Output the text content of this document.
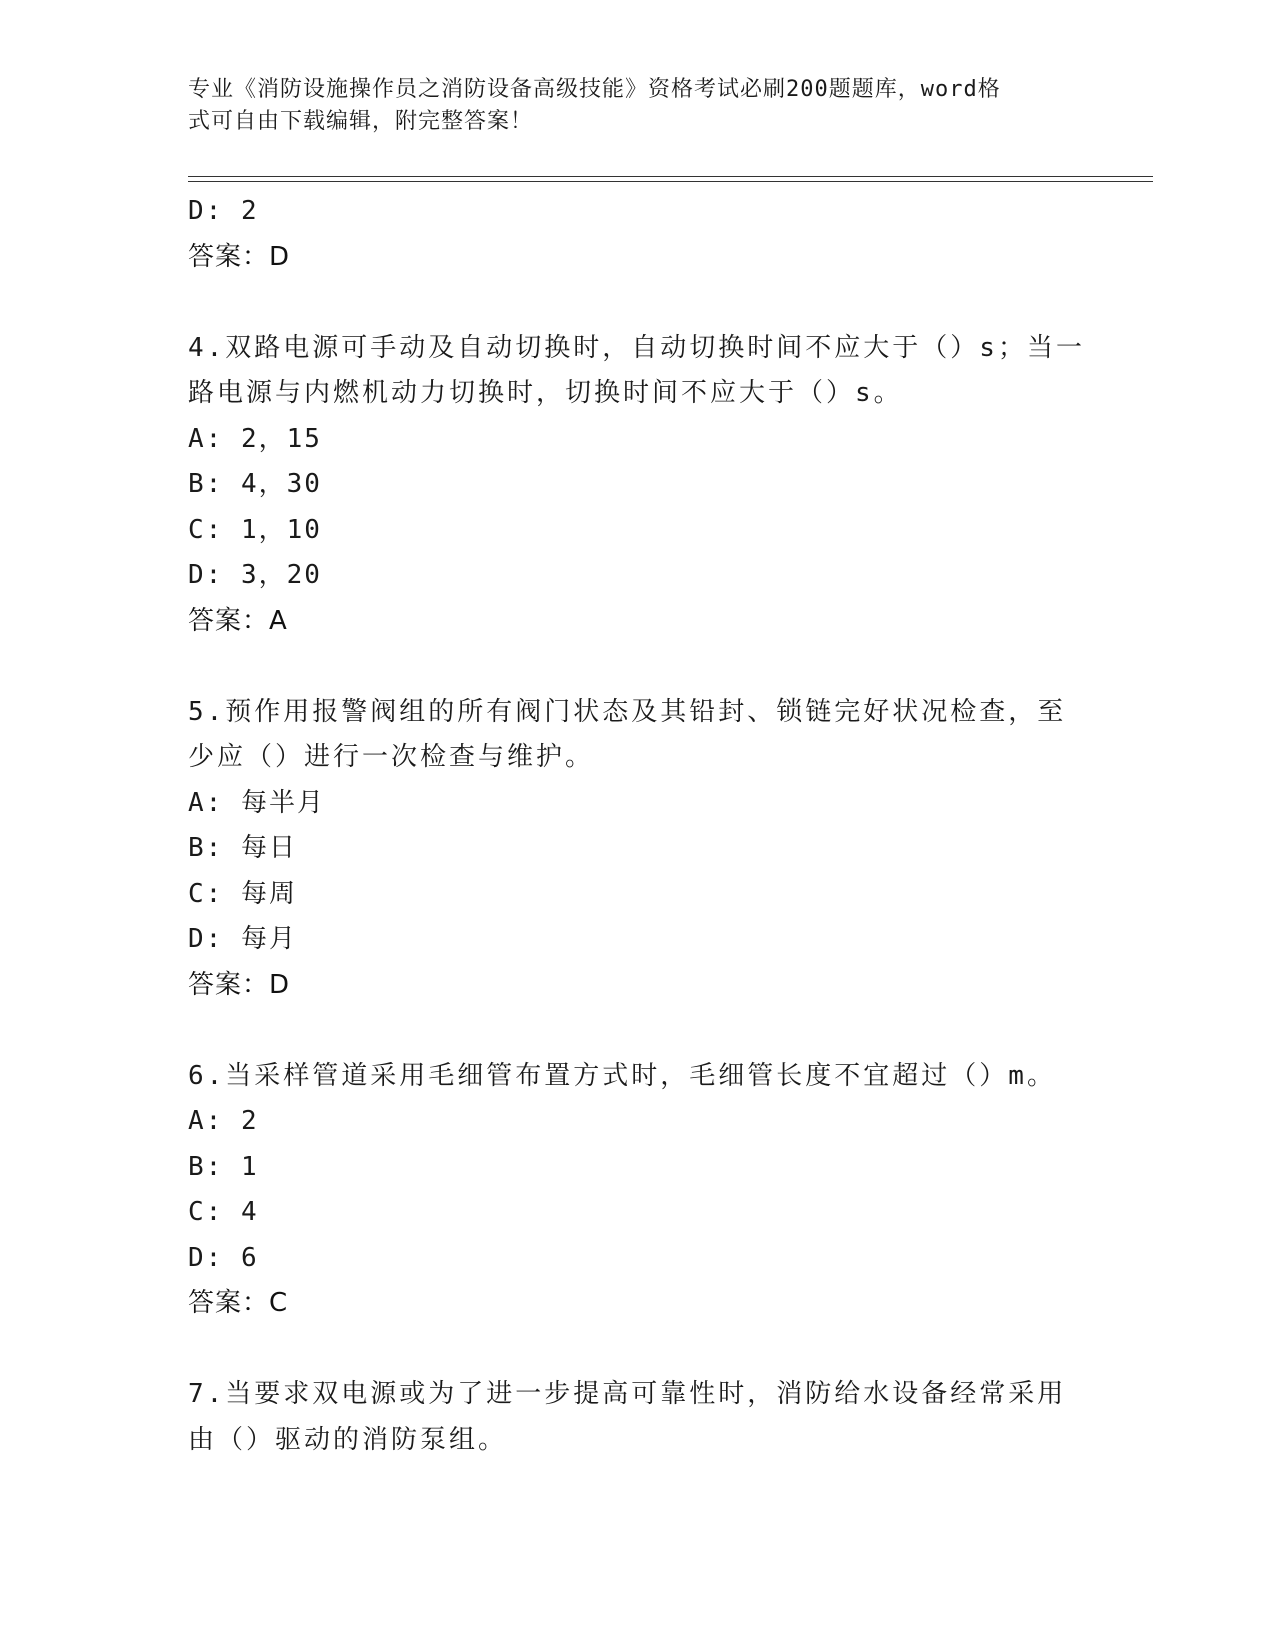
专业《消防设施操作员之消防设备高级技能》资格考试必刷200题题库，word格
式可自由下载编辑，附完整答案！
D: 2
答案：D
4.双路电源可手动及自动切换时，自动切换时间不应大于（）s；当一
路电源与内燃机动力切换时，切换时间不应大于（）s。
A: 2，15
B: 4，30
C: 1，10
D: 3，20
答案：A
5.预作用报警阀组的所有阀门状态及其铅封、锁链完好状况检查，至
少应（）进行一次检查与维护。
A: 每半月
B: 每日
C: 每周
D: 每月
答案：D
6.当采样管道采用毛细管布置方式时，毛细管长度不宜超过（）m。
A: 2
B: 1
C: 4
D: 6
答案：C
7.当要求双电源或为了进一步提高可靠性时，消防给水设备经常采用
由（）驱动的消防泵组。
